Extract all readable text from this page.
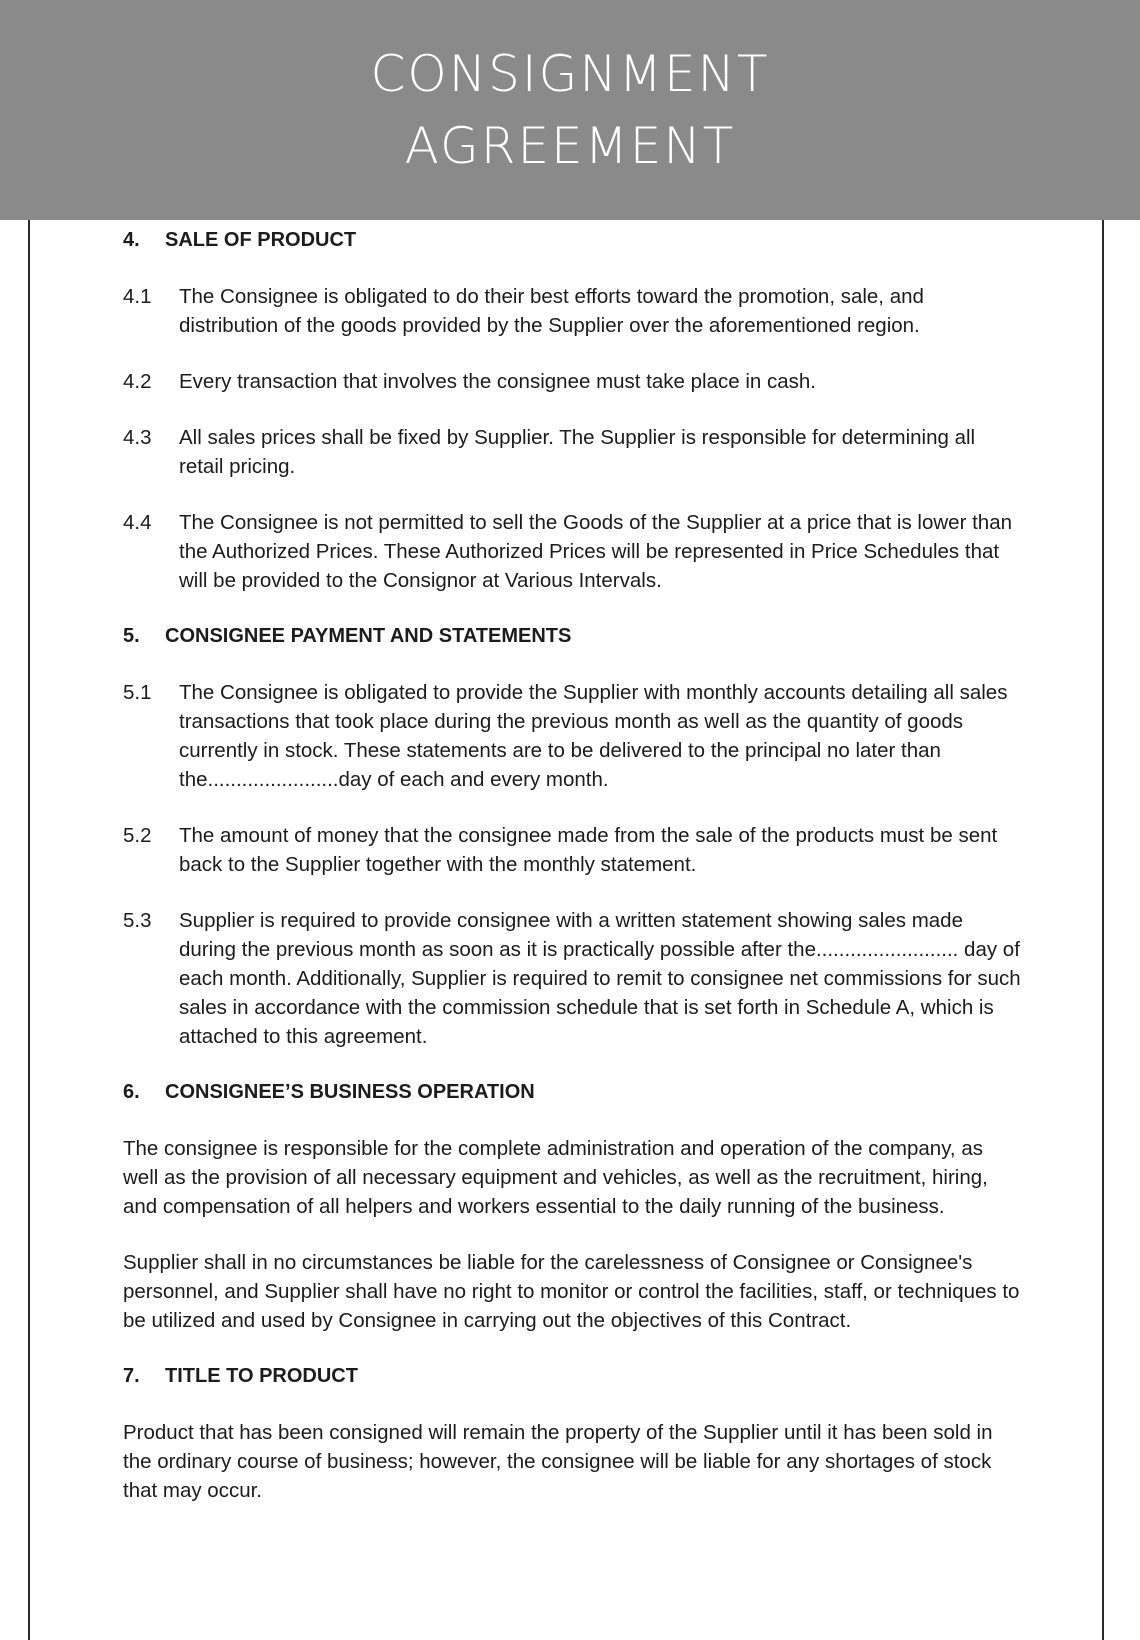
CONSIGNMENT
AGREEMENT
4.	SALE OF PRODUCT
4.1	The Consignee is obligated to do their best efforts toward the promotion, sale, and distribution of the goods provided by the Supplier over the aforementioned region.
4.2	Every transaction that involves the consignee must take place in cash.
4.3	All sales prices shall be fixed by Supplier. The Supplier is responsible for determining all retail pricing.
4.4	The Consignee is not permitted to sell the Goods of the Supplier at a price that is lower than the Authorized Prices. These Authorized Prices will be represented in Price Schedules that will be provided to the Consignor at Various Intervals.
5.	CONSIGNEE PAYMENT AND STATEMENTS
5.1	The Consignee is obligated to provide the Supplier with monthly accounts detailing all sales transactions that took place during the previous month as well as the quantity of goods currently in stock. These statements are to be delivered to the principal no later than the.......................day of each and every month.
5.2	The amount of money that the consignee made from the sale of the products must be sent back to the Supplier together with the monthly statement.
5.3	Supplier is required to provide consignee with a written statement showing sales made during the previous month as soon as it is practically possible after the......................... day of each month. Additionally, Supplier is required to remit to consignee net commissions for such sales in accordance with the commission schedule that is set forth in Schedule A, which is attached to this agreement.
6.	CONSIGNEE’S BUSINESS OPERATION

The consignee is responsible for the complete administration and operation of the company, as well as the provision of all necessary equipment and vehicles, as well as the recruitment, hiring, and compensation of all helpers and workers essential to the daily running of the business.

Supplier shall in no circumstances be liable for the carelessness of Consignee or Consignee's personnel, and Supplier shall have no right to monitor or control the facilities, staff, or techniques to be utilized and used by Consignee in carrying out the objectives of this Contract.

7.	TITLE TO PRODUCT

Product that has been consigned will remain the property of the Supplier until it has been sold in the ordinary course of business; however, the consignee will be liable for any shortages of stock that may occur.
